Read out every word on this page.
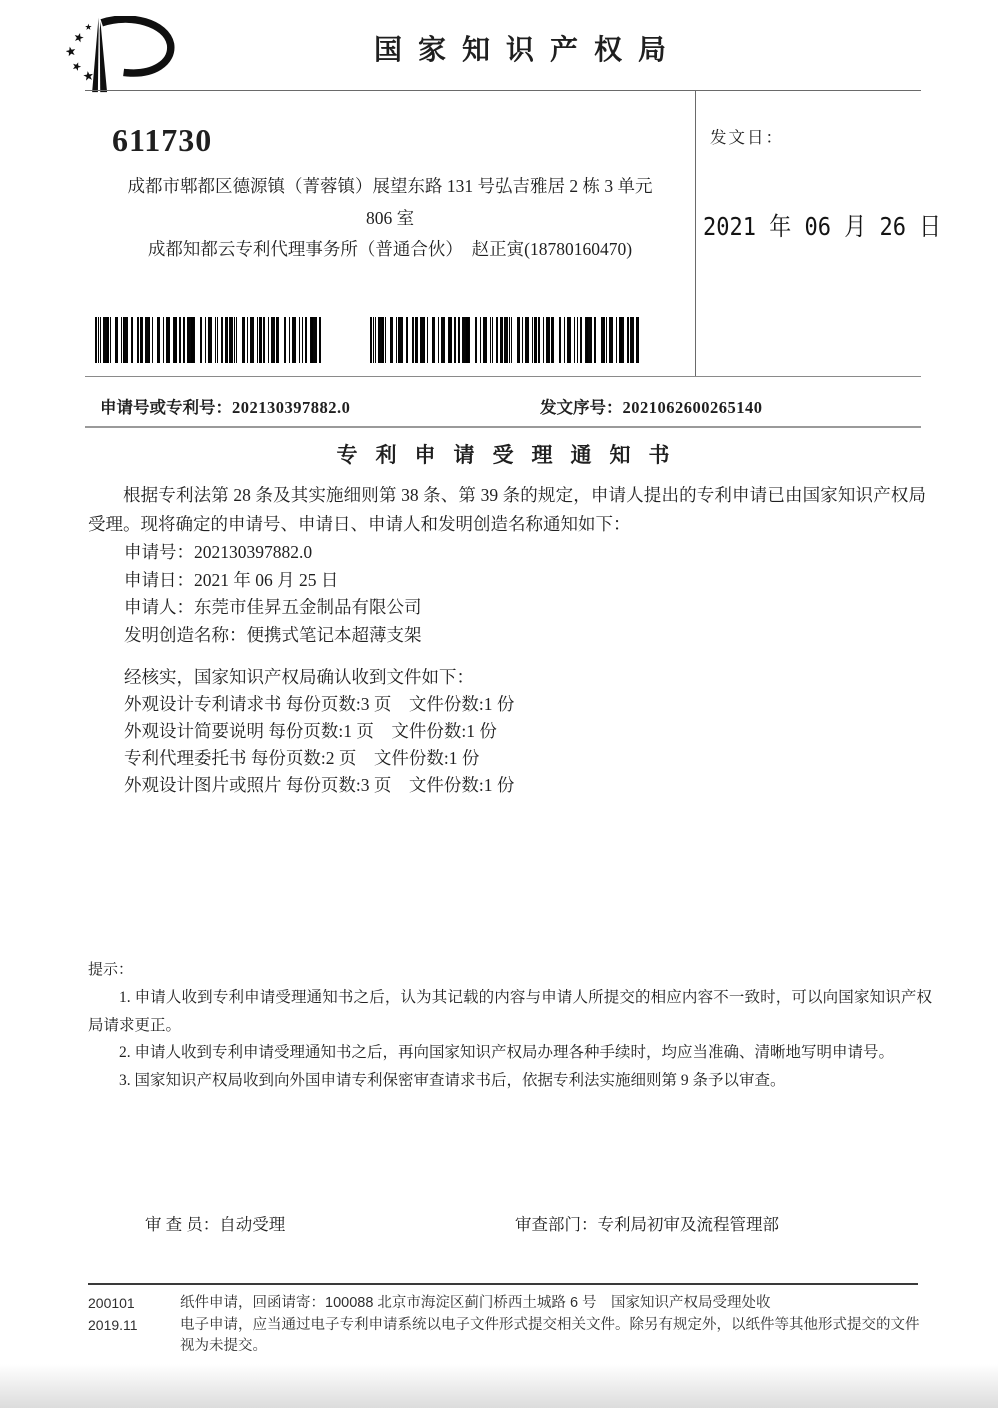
国家知识产权局
611730
成都市郫都区德源镇（菁蓉镇）展望东路 131 号弘吉雅居 2 栋 3 单元
806 室
成都知都云专利代理事务所（普通合伙）　赵正寅(18780160470)
发文日：
2021 年 06 月 26 日
申请号或专利号：202130397882.0	发文序号：2021062600265140
专利申请受理通知书

根据专利法第 28 条及其实施细则第 38 条、第 39 条的规定，申请人提出的专利申请已由国家知识产权局受理。现将确定的申请号、申请日、申请人和发明创造名称通知如下：

申请号：202130397882.0
申请日：2021 年 06 月 25 日
申请人：东莞市佳昇五金制品有限公司
发明创造名称：便携式笔记本超薄支架
经核实，国家知识产权局确认收到文件如下：
外观设计专利请求书 每份页数:3 页　文件份数:1 份
外观设计简要说明 每份页数:1 页　文件份数:1 份
专利代理委托书 每份页数:2 页　文件份数:1 份
外观设计图片或照片 每份页数:3 页　文件份数:1 份
提示：

1. 申请人收到专利申请受理通知书之后，认为其记载的内容与申请人所提交的相应内容不一致时，可以向国家知识产权局请求更正。

2. 申请人收到专利申请受理通知书之后，再向国家知识产权局办理各种手续时，均应当准确、清晰地写明申请号。

3. 国家知识产权局收到向外国申请专利保密审查请求书后，依据专利法实施细则第 9 条予以审查。

审 查 员：自动受理	审查部门：专利局初审及流程管理部
200101
2019.11

纸件申请，回函请寄：100088 北京市海淀区蓟门桥西土城路 6 号　国家知识产权局受理处收

电子申请，应当通过电子专利申请系统以电子文件形式提交相关文件。除另有规定外，以纸件等其他形式提交的文件视为未提交。
